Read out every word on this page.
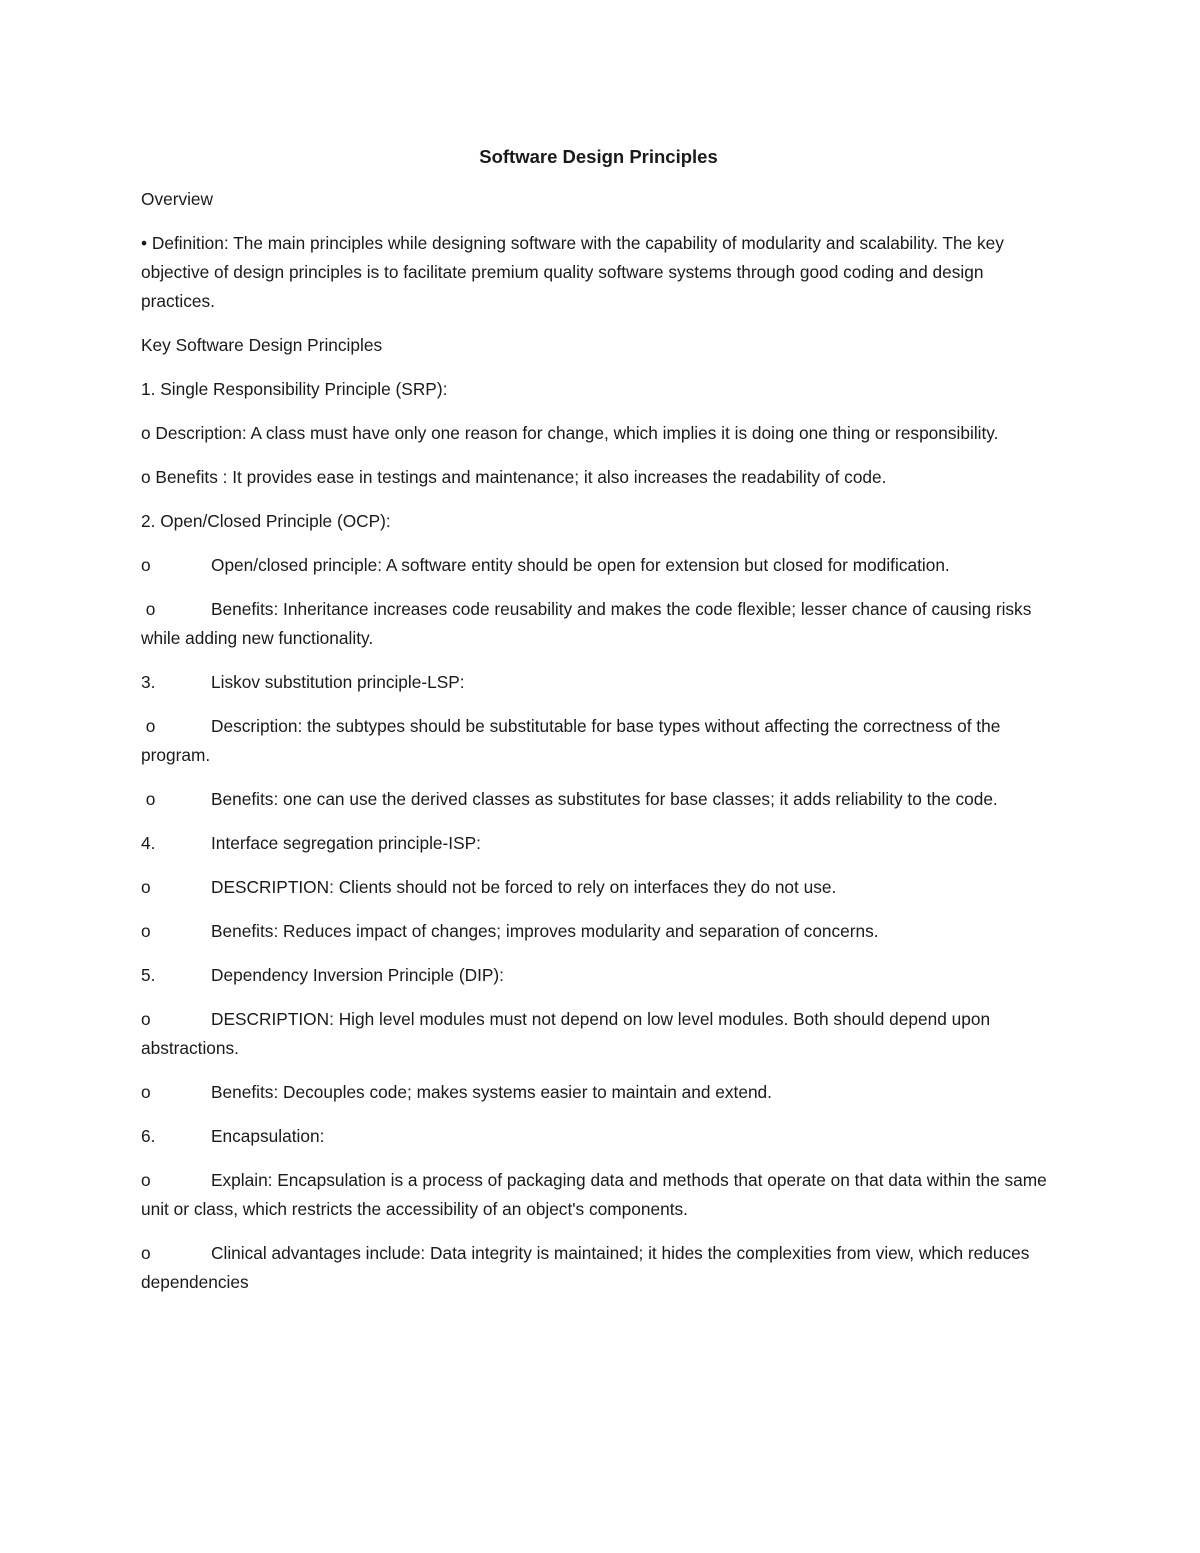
Software Design Principles

Overview

• Definition: The main principles while designing software with the capability of modularity and scalability. The key objective of design principles is to facilitate premium quality software systems through good coding and design practices.

Key Software Design Principles

1. Single Responsibility Principle (SRP):

o Description: A class must have only one reason for change, which implies it is doing one thing or responsibility.

o Benefits : It provides ease in testings and maintenance; it also increases the readability of code.

2. Open/Closed Principle (OCP):

o	Open/closed principle: A software entity should be open for extension but closed for modification.

o	Benefits: Inheritance increases code reusability and makes the code flexible; lesser chance of causing risks while adding new functionality.

3.	Liskov substitution principle-LSP:

o	Description: the subtypes should be substitutable for base types without affecting the correctness of the program.

o	Benefits: one can use the derived classes as substitutes for base classes; it adds reliability to the code.

4.	Interface segregation principle-ISP:

o	DESCRIPTION: Clients should not be forced to rely on interfaces they do not use.

o	Benefits: Reduces impact of changes; improves modularity and separation of concerns.

5.	Dependency Inversion Principle (DIP):

o	DESCRIPTION: High level modules must not depend on low level modules. Both should depend upon abstractions.

o	Benefits: Decouples code; makes systems easier to maintain and extend.

6.	Encapsulation:

o	Explain: Encapsulation is a process of packaging data and methods that operate on that data within the same unit or class, which restricts the accessibility of an object's components.

o	Clinical advantages include: Data integrity is maintained; it hides the complexities from view, which reduces dependencies
